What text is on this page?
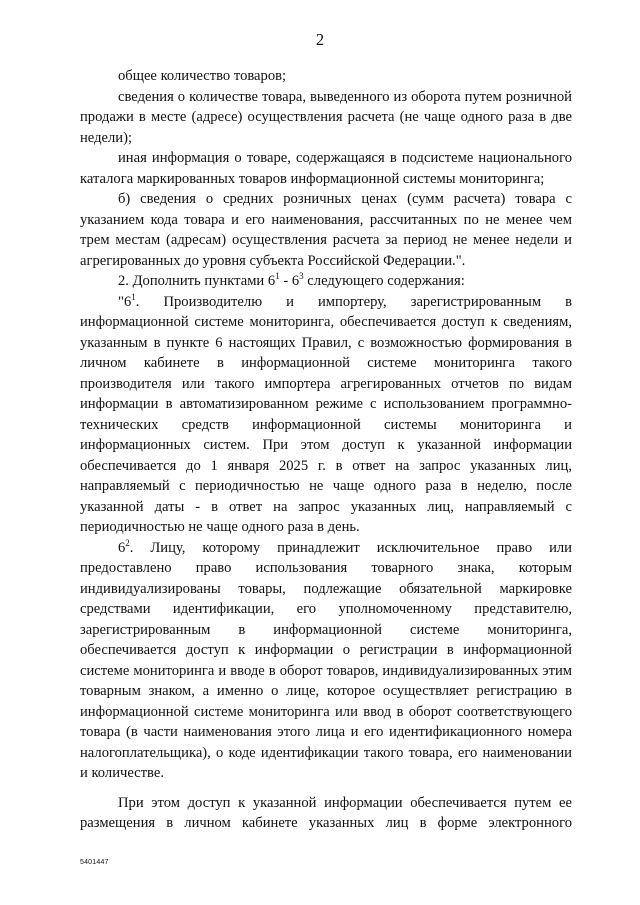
2

общее количество товаров;

сведения о количестве товара, выведенного из оборота путем розничной продажи в месте (адресе) осуществления расчета (не чаще одного раза в две недели);

иная информация о товаре, содержащаяся в подсистеме национального каталога маркированных товаров информационной системы мониторинга;

б) сведения о средних розничных ценах (сумм расчета) товара с указанием кода товара и его наименования, рассчитанных по не менее чем трем местам (адресам) осуществления расчета за период не менее недели и агрегированных до уровня субъекта Российской Федерации.".

2. Дополнить пунктами $6^1 - 6^3$ следующего содержания:

"$6^1$. Производителю и импортеру, зарегистрированным в информационной системе мониторинга, обеспечивается доступ к сведениям, указанным в пункте 6 настоящих Правил, с возможностью формирования в личном кабинете в информационной системе мониторинга такого производителя или такого импортера агрегированных отчетов по видам информации в автоматизированном режиме с использованием программно-технических средств информационной системы мониторинга и информационных систем. При этом доступ к указанной информации обеспечивается до 1 января 2025 г. в ответ на запрос указанных лиц, направляемый с периодичностью не чаще одного раза в неделю, после указанной даты - в ответ на запрос указанных лиц, направляемый с периодичностью не чаще одного раза в день.

$6^2$. Лицу, которому принадлежит исключительное право или предоставлено право использования товарного знака, которым индивидуализированы товары, подлежащие обязательной маркировке средствами идентификации, его уполномоченному представителю, зарегистрированным в информационной системе мониторинга, обеспечивается доступ к информации о регистрации в информационной системе мониторинга и вводе в оборот товаров, индивидуализированных этим товарным знаком, а именно о лице, которое осуществляет регистрацию в информационной системе мониторинга или ввод в оборот соответствующего товара (в части наименования этого лица и его идентификационного номера налогоплательщика), о коде идентификации такого товара, его наименовании и количестве.

При этом доступ к указанной информации обеспечивается путем ее размещения в личном кабинете указанных лиц в форме электронного

5401447
